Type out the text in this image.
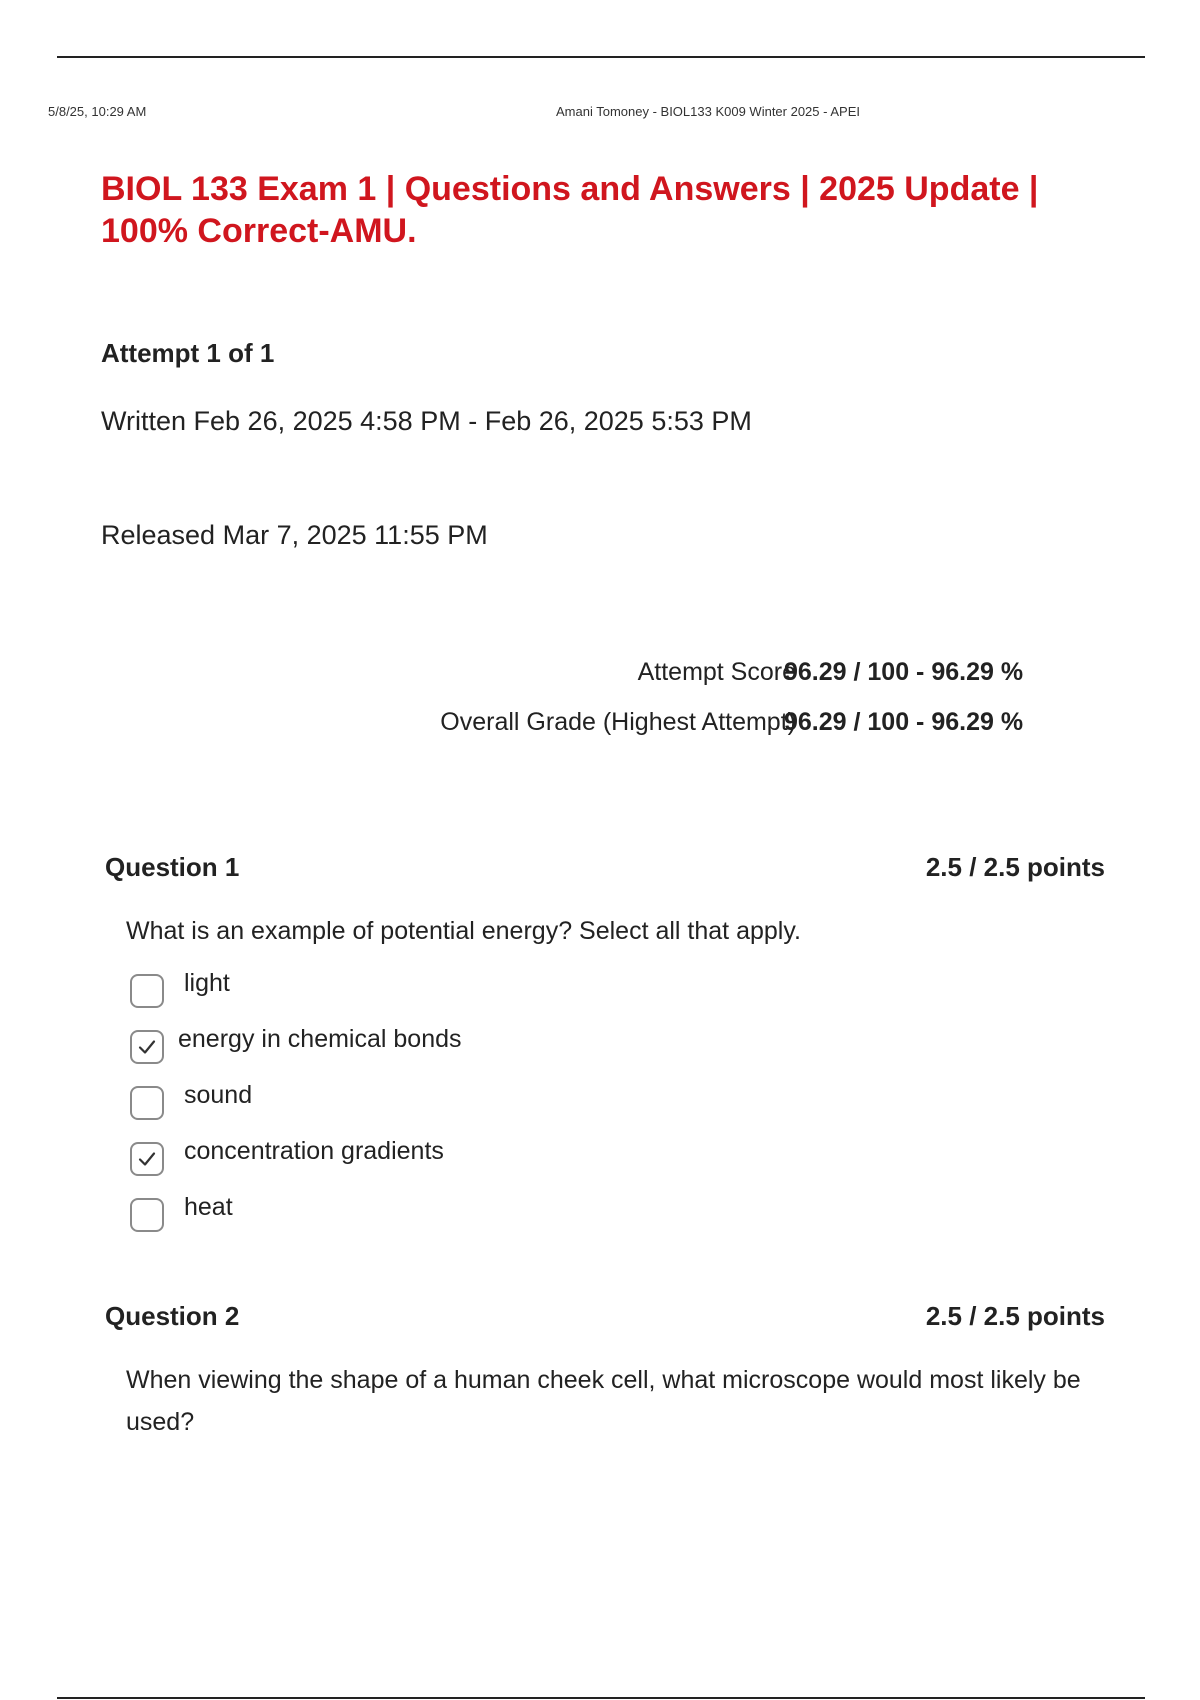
5/8/25, 10:29 AM	Amani Tomoney - BIOL133 K009 Winter 2025 - APEI
BIOL 133 Exam 1 | Questions and Answers | 2025 Update | 100% Correct-AMU.
Attempt 1 of 1
Written Feb 26, 2025 4:58 PM - Feb 26, 2025 5:53 PM
Released Mar 7, 2025 11:55 PM
Attempt Score
96.29 / 100 - 96.29 %
Overall Grade (Highest Attempt)
96.29 / 100 - 96.29 %
Question 1	2.5 / 2.5 points
What is an example of potential energy? Select all that apply.
light
energy in chemical bonds
sound
concentration gradients
heat
Question 2	2.5 / 2.5 points
When viewing the shape of a human cheek cell, what microscope would most likely be used?
